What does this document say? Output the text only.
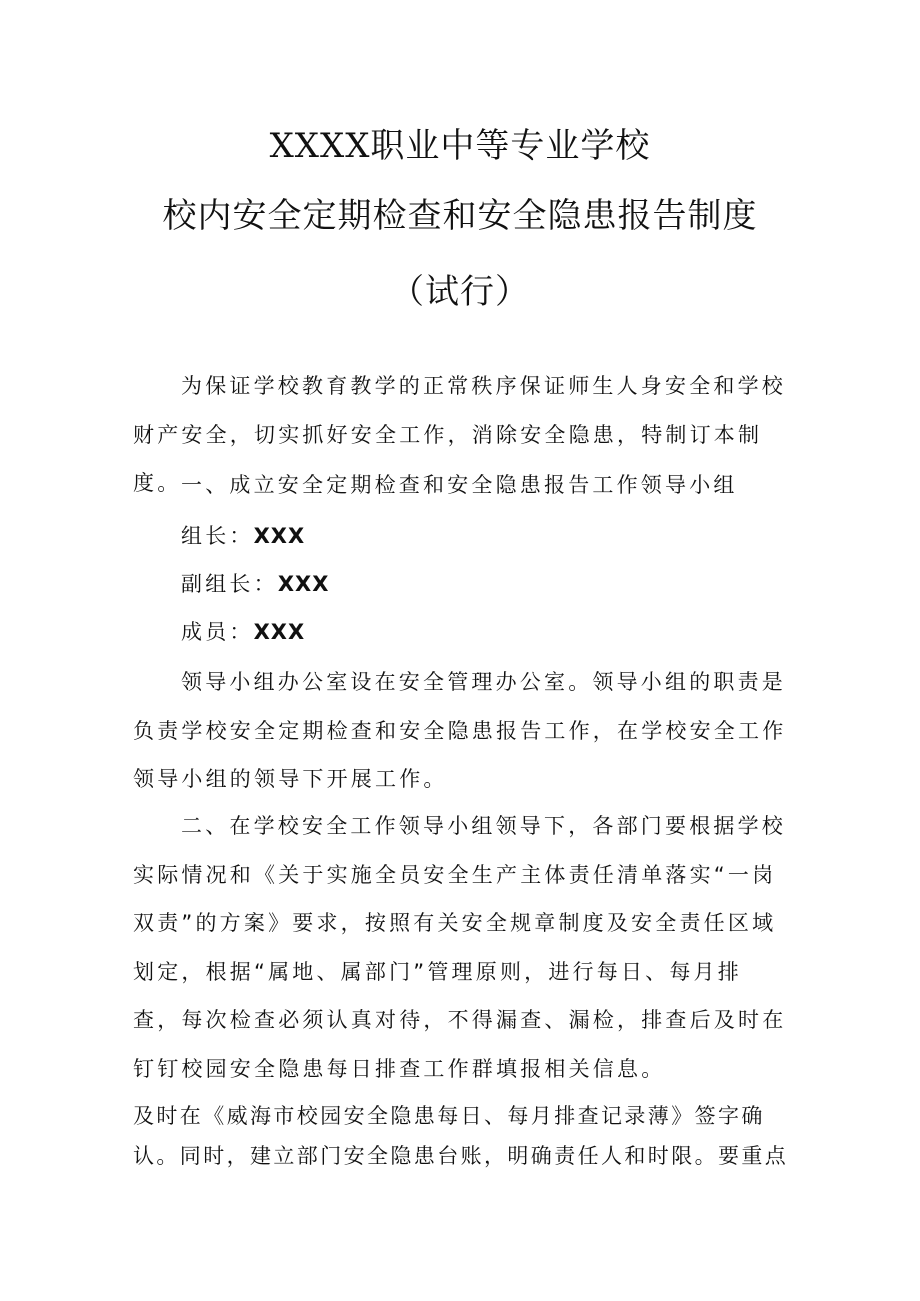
XXXX职业中等专业学校
校内安全定期检查和安全隐患报告制度
（试行）

为保证学校教育教学的正常秩序保证师生人身安全和学校财产安全，切实抓好安全工作，消除安全隐患，特制订本制度。 一、成立安全定期检查和安全隐患报告工作领导小组
组长：XXX
副组长：XXX
成员：XXX

领导小组办公室设在安全管理办公室。领导小组的职责是负责学校安全定期检查和安全隐患报告工作，在学校安全工作领导小组的领导下开展工作。

二、在学校安全工作领导小组领导下，各部门要根据学校实际情况和《关于实施全员安全生产主体责任清单落实“一岗双责”的方案》要求，按照有关安全规章制度及安全责任区域划定，根据“属地、属部门”管理原则，进行每日、每月排查，每次检查必须认真对待，不得漏查、漏检，排查后及时在钉钉校园安全隐患每日排查工作群填报相关信息。

及时在《威海市校园安全隐患每日、每月排查记录薄》签字确认。同时，建立部门安全隐患台账，明确责任人和时限。要重点
